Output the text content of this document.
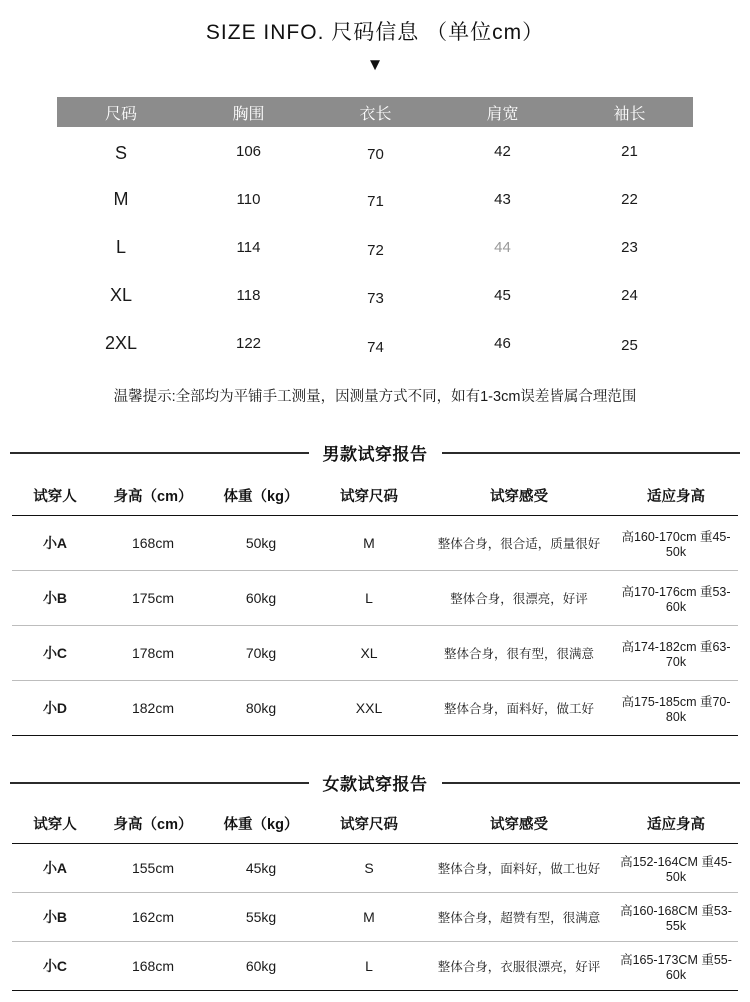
SIZE INFO. 尺码信息 （单位cm）
▼
尺码	胸围	衣长	肩宽	袖长
S	106	70	42	21
M	110	71	43	22
L	114	72	44	23
XL	118	73	45	24
2XL	122	74	46	25
温馨提示:全部均为平铺手工测量，因测量方式不同，如有1-3cm误差皆属合理范围
男款试穿报告
试穿人	身高（cm）	体重（kg）	试穿尺码	试穿感受	适应身高
小A	168cm	50kg	M	整体合身，很合适，质量很好	高160-170cm 重45-50k
小B	175cm	60kg	L	整体合身，很漂亮，好评	高170-176cm 重53-60k
小C	178cm	70kg	XL	整体合身，很有型，很满意	高174-182cm 重63-70k
小D	182cm	80kg	XXL	整体合身，面料好，做工好	高175-185cm 重70-80k
女款试穿报告
试穿人	身高（cm）	体重（kg）	试穿尺码	试穿感受	适应身高
小A	155cm	45kg	S	整体合身，面料好，做工也好	高152-164CM 重45-50k
小B	162cm	55kg	M	整体合身，超赞有型，很满意	高160-168CM 重53-55k
小C	168cm	60kg	L	整体合身，衣服很漂亮，好评	高165-173CM 重55-60k
